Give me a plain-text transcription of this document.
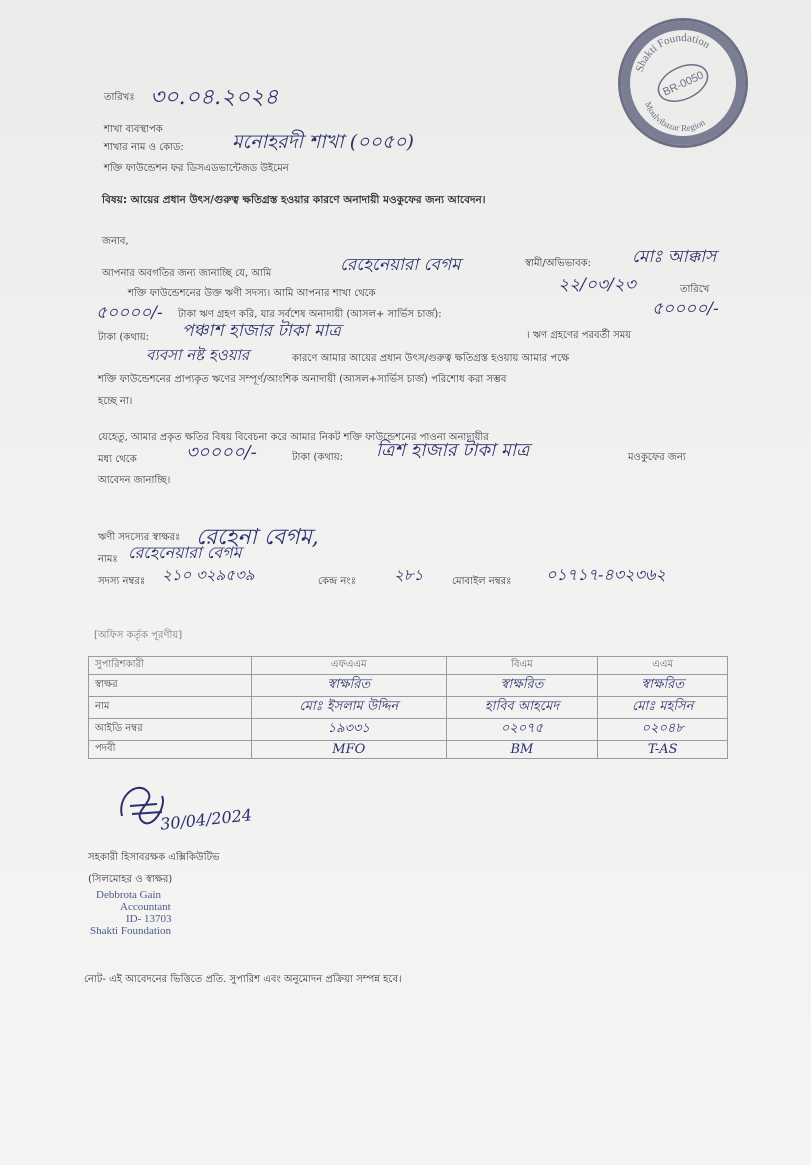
Shakti Foundation
Moulvibazar Region
BR-0050
তারিখঃ ৩০.০৪.২০২৪
শাখা ব্যবস্থাপক
শাখার নাম ও কোড:	মনোহরদী শাখা (০০৫০)
শক্তি ফাউন্ডেশন ফর ডিসএডভান্টেজড উইমেন
বিষয়: আয়ের প্রধান উৎস/গুরুত্ব ক্ষতিগ্রস্ত হওয়ার কারণে অনাদায়ী মওকুফের জন্য আবেদন।
জনাব,
আপনার অবগতির জন্য জানাচ্ছি যে, আমি	রেহেনেয়ারা বেগম	স্বামী/অভিভাবক: মোঃ আক্কাস
শক্তি ফাউন্ডেশনের উক্ত ঋণী সদস্য। আমি আপনার শাখা থেকে	২২/০৩/২৩	তারিখে
৫০০০০/- টাকা ঋণ গ্রহণ করি, যার সর্বশেষ অনাদায়ী (আসল+ সার্ভিস চার্জ):	৫০০০০/-
টাকা (কথায়: পঞ্চাশ হাজার টাকা মাত্র	। ঋণ গ্রহণের পরবর্তী সময়
ব্যবসা নষ্ট হওয়ার	কারণে আমার আয়ের প্রধান উৎস/গুরুত্ব ক্ষতিগ্রস্ত হওয়ায় আমার পক্ষে
শক্তি ফাউন্ডেশনের প্রাপ্যকৃত ঋণের সম্পূর্ণ/আংশিক অনাদায়ী (আসল+সার্ভিস চার্জ) পরিশোধ করা সম্ভব
হচ্ছে না।
যেহেতু, আমার প্রকৃত ক্ষতির বিষয় বিবেচনা করে আমার নিকট শক্তি ফাউন্ডেশনের পাওনা অনাদায়ীর
মধ্য থেকে	৩০০০০/-	টাকা (কথায়: ত্রিশ হাজার টাকা মাত্র	মওকুফের জন্য
আবেদন জানাচ্ছি।
ঋণী সদস্যের স্বাক্ষরঃ রেহেনা বেগম,
নামঃ রেহেনেয়ারা বেগম
সদস্য নম্বরঃ ২১০ ৩২৯৫৩৯	কেন্দ্র নংঃ	২৮১	মোবাইল নম্বরঃ ০১৭১৭-৪৩২৩৬২
[অফিস কর্তৃক পূরণীয়]
সুপারিশকারী	এফএএম	বিএম	এএম
স্বাক্ষর	স্বাক্ষরিত	স্বাক্ষরিত	স্বাক্ষরিত
নাম	মোঃ ইসলাম উদ্দিন	হাবিব আহমেদ	মোঃ মহসিন
আইডি নম্বর	১৯৩৩১	০২০৭৫	০২০৪৮
পদবী	MFO	BM	T-AS
30/04/2024
সহকারী হিসাবরক্ষক এক্সিকিউটিভ
(সিলমোহর ও স্বাক্ষর)
Debbrota Gain
Accountant
ID- 13703
Shakti Foundation
নোট- এই আবেদনের ভিত্তিতে প্রতি. সুপারিশ এবং অনুমোদন প্রক্রিয়া সম্পন্ন হবে।
